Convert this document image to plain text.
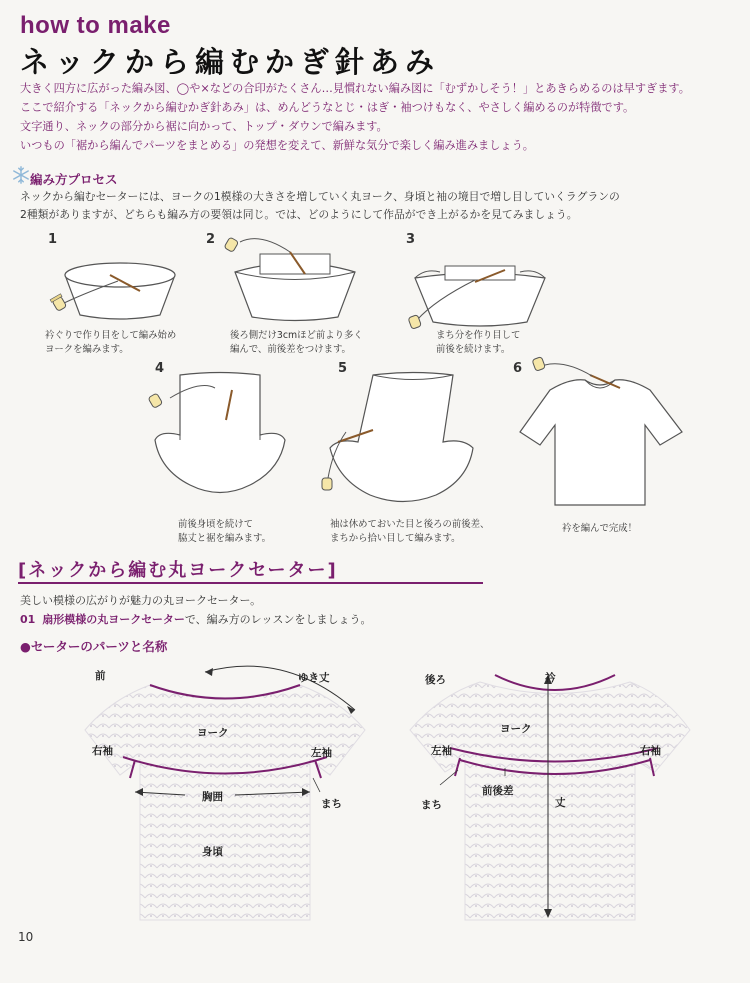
how to make
ネックから編むかぎ針あみ
大きく四方に広がった編み図、◯や×などの合印がたくさん…見慣れない編み図に「むずかしそう！」とあきらめるのは早すぎます。
ここで紹介する「ネックから編むかぎ針あみ」は、めんどうなとじ・はぎ・袖つけもなく、やさしく編めるのが特徴です。
文字通り、ネックの部分から裾に向かって、トップ・ダウンで編みます。
いつもの「裾から編んでパーツをまとめる」の発想を変えて、新鮮な気分で楽しく編み進みましょう。
編み方プロセス
ネックから編むセーターには、ヨークの1模様の大きさを増していく丸ヨーク、身頃と袖の境目で増し目していくラグランの
2種類がありますが、どちらも編み方の要領は同じ。では、どのようにして作品ができ上がるかを見てみましょう。
1	2	3
4	5	6
衿ぐりで作り目をして編み始め
ヨークを編みます。
後ろ側だけ3cmほど前より多く
編んで、前後差をつけます。
まち分を作り目して
前後を続けます。
前後身頃を続けて
脇丈と裾を編みます。
袖は休めておいた目と後ろの前後差、
まちから拾い目して編みます。
衿を編んで完成！
[ネックから編む丸ヨークセーター]
美しい模様の広がりが魅力の丸ヨークセーター。
01 扇形模様の丸ヨークセーターで、編み方のレッスンをしましょう。
●セーターのパーツと名称
前	ゆき丈
ヨーク
右袖	左袖
胸囲
まち
身頃
後ろ	衿
ヨーク
左袖	右袖
前後差
まち	丈
10
